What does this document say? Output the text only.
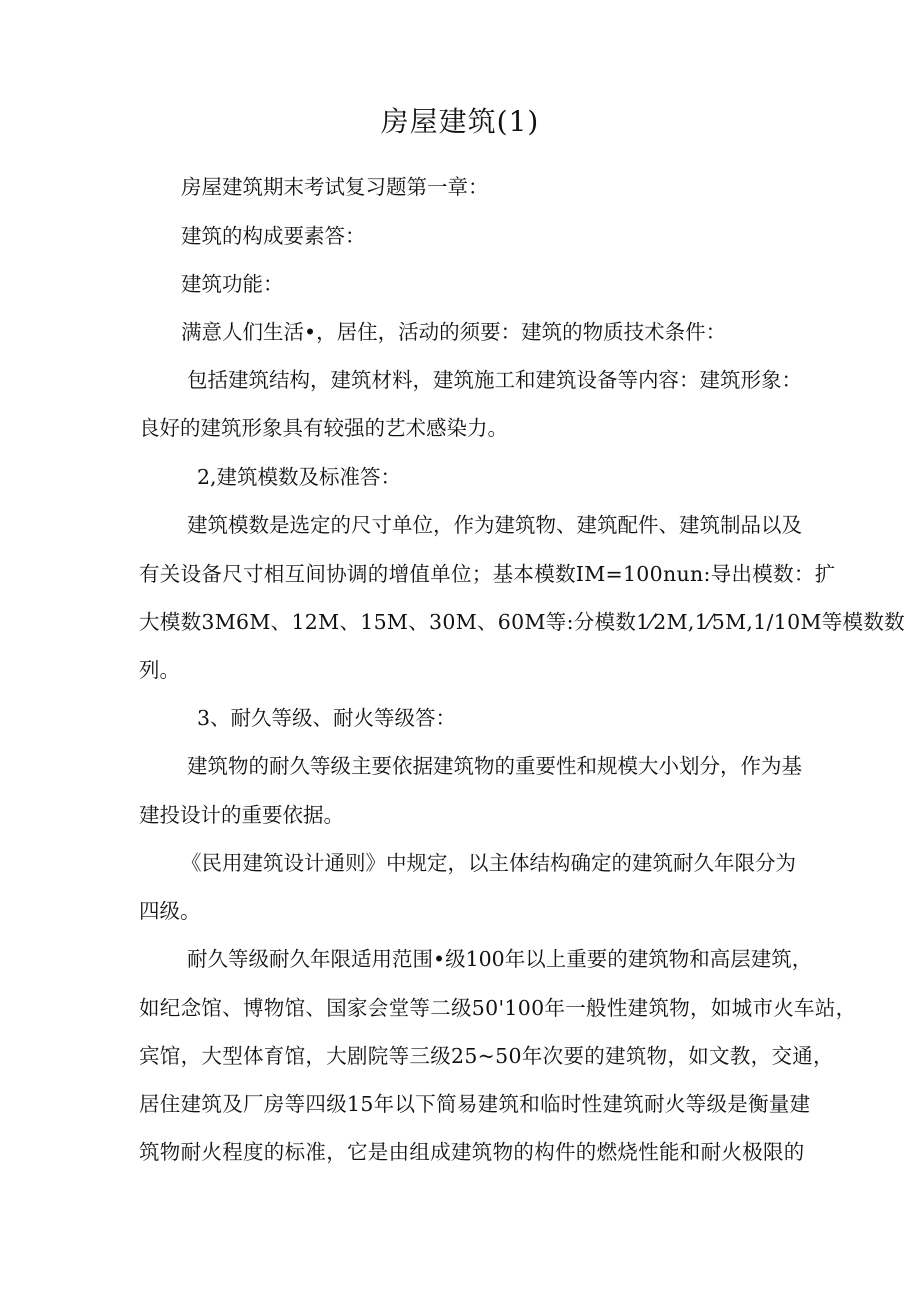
房屋建筑(1)
房屋建筑期末考试复习题第一章：
建筑的构成要素答：
建筑功能：
满意人们生活•，居住，活动的须要：建筑的物质技术条件：
包括建筑结构，建筑材料，建筑施工和建筑设备等内容：建筑形象：
良好的建筑形象具有较强的艺术感染力。
2,建筑模数及标准答：
建筑模数是选定的尺寸单位，作为建筑物、建筑配件、建筑制品以及
有关设备尺寸相互间协调的增值单位；基本模数IM=100nun:导出模数：扩
大模数3M6M、12M、15M、30M、60M等:分模数1⁄2M,1⁄5M,1/10M等模数数
列。
3、耐久等级、耐火等级答：
建筑物的耐久等级主要依据建筑物的重要性和规模大小划分，作为基
建投设计的重要依据。
《民用建筑设计通则》中规定，以主体结构确定的建筑耐久年限分为
四级。
耐久等级耐久年限适用范围•级100年以上重要的建筑物和高层建筑，
如纪念馆、博物馆、国家会堂等二级50'100年一般性建筑物，如城市火车站，
宾馆，大型体育馆，大剧院等三级25~50年次要的建筑物，如文教，交通，
居住建筑及厂房等四级15年以下简易建筑和临时性建筑耐火等级是衡量建
筑物耐火程度的标准，它是由组成建筑物的构件的燃烧性能和耐火极限的
